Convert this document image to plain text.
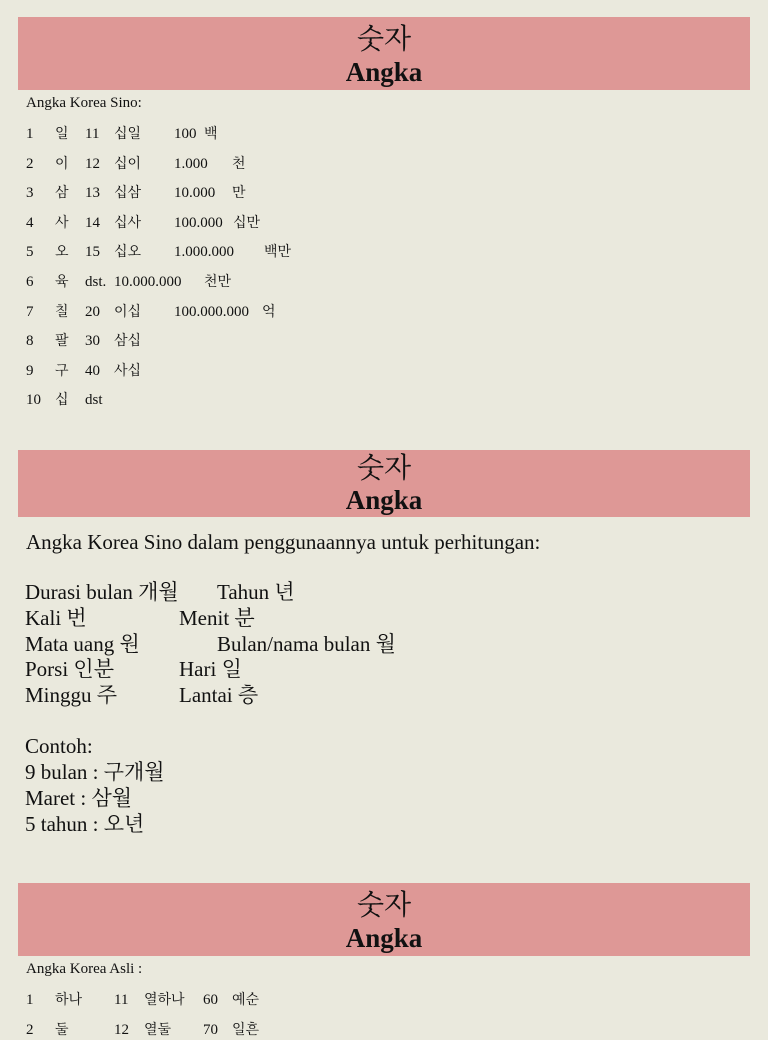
숫자
Angka
Angka Korea Sino:
1 일 11 십일 100 백
2 이 12 십이 1.000 천
3 삼 13 십삼 10.000 만
4 사 14 십사 100.000 십만
5 오 15 십오 1.000.000 백만
6 육 dst. 10.000.000 천만
7 칠 20 이십 100.000.000 억
8 팔 30 삼십
9 구 40 사십
10 십 dst
숫자
Angka
Angka Korea Sino dalam penggunaannya untuk perhitungan:
Durasi bulan 개월 Tahun 년
Kali 번	Menit 분
Mata uang 원	Bulan/nama bulan 월
Porsi 인분	Hari 일
Minggu 주	Lantai 층
Contoh:
9 bulan : 구개월
Maret : 삼월
5 tahun : 오년
숫자
Angka
Angka Korea Asli :
1 하나 11 열하나 60 예순
2 둘	12 열둘 70 일흔
